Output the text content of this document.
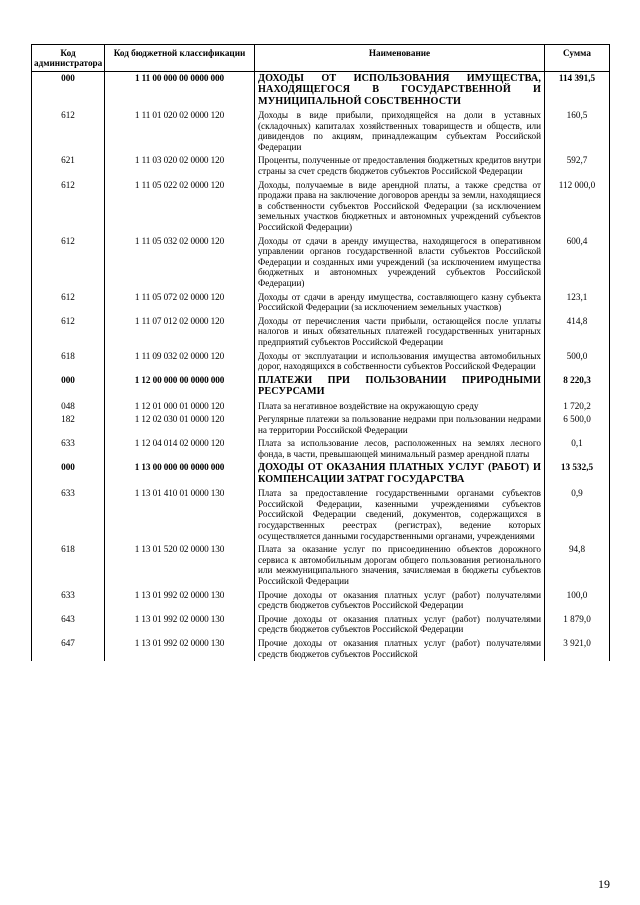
Код администратора	Код бюджетной классификации	Наименование	Сумма
000	1 11 00 000 00 0000 000	ДОХОДЫ ОТ ИСПОЛЬЗОВАНИЯ ИМУЩЕСТВА, НАХОДЯЩЕГОСЯ В ГОСУДАРСТВЕННОЙ И МУНИЦИПАЛЬНОЙ СОБСТВЕННОСТИ	114 391,5
612	1 11 01 020 02 0000 120	Доходы в виде прибыли, приходящейся на доли в уставных (складочных) капиталах хозяйственных товариществ и обществ, или дивидендов по акциям, принадлежащим субъектам Российской Федерации	160,5
621	1 11 03 020 02 0000 120	Проценты, полученные от предоставления бюджетных кредитов внутри страны за счет средств бюджетов субъектов Российской Федерации	592,7
612	1 11 05 022 02 0000 120	Доходы, получаемые в виде арендной платы, а также средства от продажи права на заключение договоров аренды за земли, находящиеся в собственности субъектов Российской Федерации (за исключением земельных участков бюджетных и автономных учреждений субъектов Российской Федерации)	112 000,0
612	1 11 05 032 02 0000 120	Доходы от сдачи в аренду имущества, находящегося в оперативном управлении органов государственной власти субъектов Российской Федерации и созданных ими учреждений (за исключением имущества бюджетных и автономных учреждений субъектов Российской Федерации)	600,4
612	1 11 05 072 02 0000 120	Доходы от сдачи в аренду имущества, составляющего казну субъекта Российской Федерации (за исключением земельных участков)	123,1
612	1 11 07 012 02 0000 120	Доходы от перечисления части прибыли, остающейся после уплаты налогов и иных обязательных платежей государственных унитарных предприятий субъектов Российской Федерации	414,8
618	1 11 09 032 02 0000 120	Доходы от эксплуатации и использования имущества автомобильных дорог, находящихся в собственности субъектов Российской Федерации	500,0
000	1 12 00 000 00 0000 000	ПЛАТЕЖИ ПРИ ПОЛЬЗОВАНИИ ПРИРОДНЫМИ РЕСУРСАМИ	8 220,3
048	1 12 01 000 01 0000 120	Плата за негативное воздействие на окружающую среду	1 720,2
182	1 12 02 030 01 0000 120	Регулярные платежи за пользование недрами при пользовании недрами на территории Российской Федерации	6 500,0
633	1 12 04 014 02 0000 120	Плата за использование лесов, расположенных на землях лесного фонда, в части, превышающей минимальный размер арендной платы	0,1
000	1 13 00 000 00 0000 000	ДОХОДЫ ОТ ОКАЗАНИЯ ПЛАТНЫХ УСЛУГ (РАБОТ) И КОМПЕНСАЦИИ ЗАТРАТ ГОСУДАРСТВА	13 532,5
633	1 13 01 410 01 0000 130	Плата за предоставление государственными органами субъектов Российской Федерации, казенными учреждениями субъектов Российской Федерации сведений, документов, содержащихся в государственных реестрах (регистрах), ведение которых осуществляется данными государственными органами, учреждениями	0,9
618	1 13 01 520 02 0000 130	Плата за оказание услуг по присоединению объектов дорожного сервиса к автомобильным дорогам общего пользования регионального или межмуниципального значения, зачисляемая в бюджеты субъектов Российской Федерации	94,8
633	1 13 01 992 02 0000 130	Прочие доходы от оказания платных услуг (работ) получателями средств бюджетов субъектов Российской Федерации	100,0
643	1 13 01 992 02 0000 130	Прочие доходы от оказания платных услуг (работ) получателями средств бюджетов субъектов Российской Федерации	1 879,0
647	1 13 01 992 02 0000 130	Прочие доходы от оказания платных услуг (работ) получателями средств бюджетов субъектов Российской	3 921,0
19
